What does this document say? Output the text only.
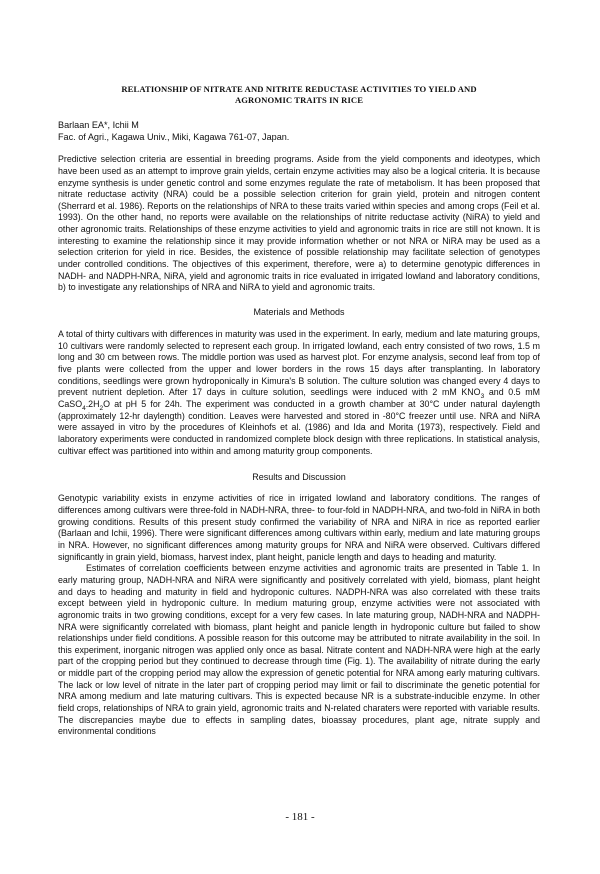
RELATIONSHIP OF NITRATE AND NITRITE REDUCTASE ACTIVITIES TO YIELD AND
AGRONOMIC TRAITS IN RICE
Barlaan EA*, Ichii M
Fac. of Agri., Kagawa Univ., Miki, Kagawa 761-07, Japan.

Predictive selection criteria are essential in breeding programs. Aside from the yield components and ideotypes, which have been used as an attempt to improve grain yields, certain enzyme activities may also be a logical criteria. It is because enzyme synthesis is under genetic control and some enzymes regulate the rate of metabolism. It has been proposed that nitrate reductase activity (NRA) could be a possible selection criterion for grain yield, protein and nitrogen content (Sherrard et al. 1986). Reports on the relationships of NRA to these traits varied within species and among crops (Feil et al. 1993). On the other hand, no reports were available on the relationships of nitrite reductase activity (NiRA) to yield and other agronomic traits. Relationships of these enzyme activities to yield and agronomic traits in rice are still not known. It is interesting to examine the relationship since it may provide information whether or not NRA or NiRA may be used as a selection criterion for yield in rice. Besides, the existence of possible relationship may facilitate selection of genotypes under controlled conditions. The objectives of this experiment, therefore, were a) to determine genotypic differences in NADH- and NADPH-NRA, NiRA, yield and agronomic traits in rice evaluated in irrigated lowland and laboratory conditions, b) to investigate any relationships of NRA and NiRA to yield and agronomic traits.

Materials and Methods

A total of thirty cultivars with differences in maturity was used in the experiment. In early, medium and late maturing groups, 10 cultivars were randomly selected to represent each group. In irrigated lowland, each entry consisted of two rows, 1.5 m long and 30 cm between rows. The middle portion was used as harvest plot. For enzyme analysis, second leaf from top of five plants were collected from the upper and lower borders in the rows 15 days after transplanting. In laboratory conditions, seedlings were grown hydroponically in Kimura's B solution. The culture solution was changed every 4 days to prevent nutrient depletion. After 17 days in culture solution, seedlings were induced with 2 mM $KNO_3$ and 0.5 mM $CaSO_4.2H_2O$ at pH 5 for 24h. The experiment was conducted in a growth chamber at 30°C under natural daylength (approximately 12-hr daylength) condition. Leaves were harvested and stored in -80°C freezer until use. NRA and NiRA were assayed in vitro by the procedures of Kleinhofs et al. (1986) and Ida and Morita (1973), respectively. Field and laboratory experiments were conducted in randomized complete block design with three replications. In statistical analysis, cultivar effect was partitioned into within and among maturity group components.

Results and Discussion

Genotypic variability exists in enzyme activities of rice in irrigated lowland and laboratory conditions. The ranges of differences among cultivars were three-fold in NADH-NRA, three- to four-fold in NADPH-NRA, and two-fold in NiRA in both growing conditions. Results of this present study confirmed the variability of NRA and NiRA in rice as reported earlier (Barlaan and Ichii, 1996). There were significant differences among cultivars within early, medium and late maturing groups in NRA. However, no significant differences among maturity groups for NRA and NiRA were observed. Cultivars differed significantly in grain yield, biomass, harvest index, plant height, panicle length and days to heading and maturity.

Estimates of correlation coefficients between enzyme activities and agronomic traits are presented in Table 1. In early maturing group, NADH-NRA and NiRA were significantly and positively correlated with yield, biomass, plant height and days to heading and maturity in field and hydroponic cultures. NADPH-NRA was also correlated with these traits except between yield in hydroponic culture. In medium maturing group, enzyme activities were not associated with agronomic traits in two growing conditions, except for a very few cases. In late maturing group, NADH-NRA and NADPH-NRA were significantly correlated with biomass, plant height and panicle length in hydroponic culture but failed to show relationships under field conditions. A possible reason for this outcome may be attributed to nitrate availability in the soil. In this experiment, inorganic nitrogen was applied only once as basal. Nitrate content and NADH-NRA were high at the early part of the cropping period but they continued to decrease through time (Fig. 1). The availability of nitrate during the early or middle part of the cropping period may allow the expression of genetic potential for NRA among early maturing cultivars. The lack or low level of nitrate in the later part of cropping period may limit or fail to discriminate the genetic potential for NRA among medium and late maturing cultivars. This is expected because NR is a substrate-inducible enzyme. In other field crops, relationships of NRA to grain yield, agronomic traits and N-related charaters were reported with variable results. The discrepancies maybe due to effects in sampling dates, bioassay procedures, plant age, nitrate supply and environmental conditions

- 181 -
